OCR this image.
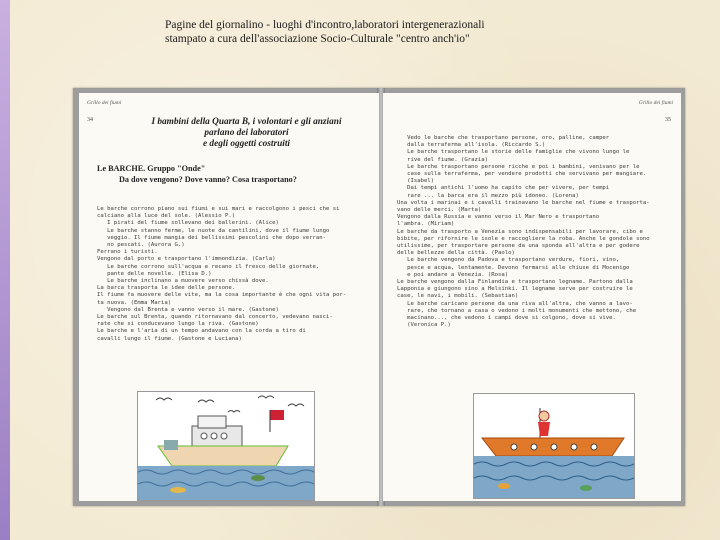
Pagine del giornalino - luoghi d'incontro,laboratori intergenerazionali
stampato a cura dell'associazione Socio-Culturale "centro anch'io"
Grillo dei fiumi
34	I bambini della Quarta B, i volontari e gli anziani
parlano dei laboratori
e degli oggetti costruiti
Le BARCHE. Gruppo "Onde"
Da dove vengono? Dove vanno? Cosa trasportano?
Le barche corrono piano sui fiumi e sui mari e raccolgono i pesci che si
calciano alla luce del sole. (Alessio P.)
I pirati del fiume sollevano dei ballerini. (Alice)
Le barche stanno ferme, le nuote da cantilini, dove il fiume lungo
veggio. Il fiume mangia dei bellissimi pescolini che dopo verran-
no pescati. (Aurora G.)
Ferrano i turisti.
Vengono dal porto e trasportano l'immondizia. (Carla)
Le barche corrono sull'acqua e recano il fresco delle giornate,
pante delle novelle. (Elisa D.)
Le barche inclinano a muovere verso chissà dove.
La barca trasporta le idee delle persone.
Il fiume fa muovere delle vite, ma la cosa importante è che ogni vita por-
ta nuova. (Emma Maria)
Vengono dal Brenta e vanno verso il mare. (Gastone)
Le barche sul Brenta, quando ritornavano dal concerto, vedevano nasci-
rate che si conducevano lungo la riva. (Gastone)
Le barche e l'aria di un tempo andavano con la corda a tiro di
cavalli lungo il fiume. (Gastone e Luciana)
Grillo dei fiumi
35
Vedo le barche che trasportano persone, oro, palline, camper
dalla terraferma all'isola. (Riccardo S.)
Le barche trasportano le storie delle famiglie che vivono lungo le
rive del fiume. (Grazia)
Le barche trasportano persone ricche e poi i bambini, venivano per le
case sulla terraferma, per vendere prodotti che servivano per mangiare.
(Isabel)
Dai tempi antichi l'uomo ha capito che per vivere, per tempi
rare ... la barca era il mezzo più idoneo. (Lorena)
Una volta i marinai e i cavalli trainavano le barche nel fiume e trasporta-
vano delle merci. (Marta)
Vengono dalla Russia e vanno verso il Mar Nero e trasportano
l'ambra. (Miriam)
Le barche da trasporto a Venezia sono indispensabili per lavorare, cibo e
bibite, per rifornire le isole e raccogliere la roba. Anche le gondole sono
utilissime, per trasportare persone da una sponda all'altra e per godere
delle bellezze della città. (Paolo)
Le barche vengono da Padova e trasportano verdure, fiori, vino,
pesce e acqua, lentamente. Devono fermarsi alle chiuse di Mocenigo
e poi andare a Venezia. (Rosa)
Le barche vengono dalla Finlandia e trasportano legname. Partono dalla
Lapponia e giungono sino a Helsinki. Il legname serve per costruire le
case, le navi, i mobili. (Sebastian)
Le barche caricano persone da una riva all'altra, che vanno a lavo-
rare, che tornano a casa o vedono i molti monumenti che mettono, che
macinano..., che vedono i campi dove si colgono, dove si vive.
(Veronica P.)
